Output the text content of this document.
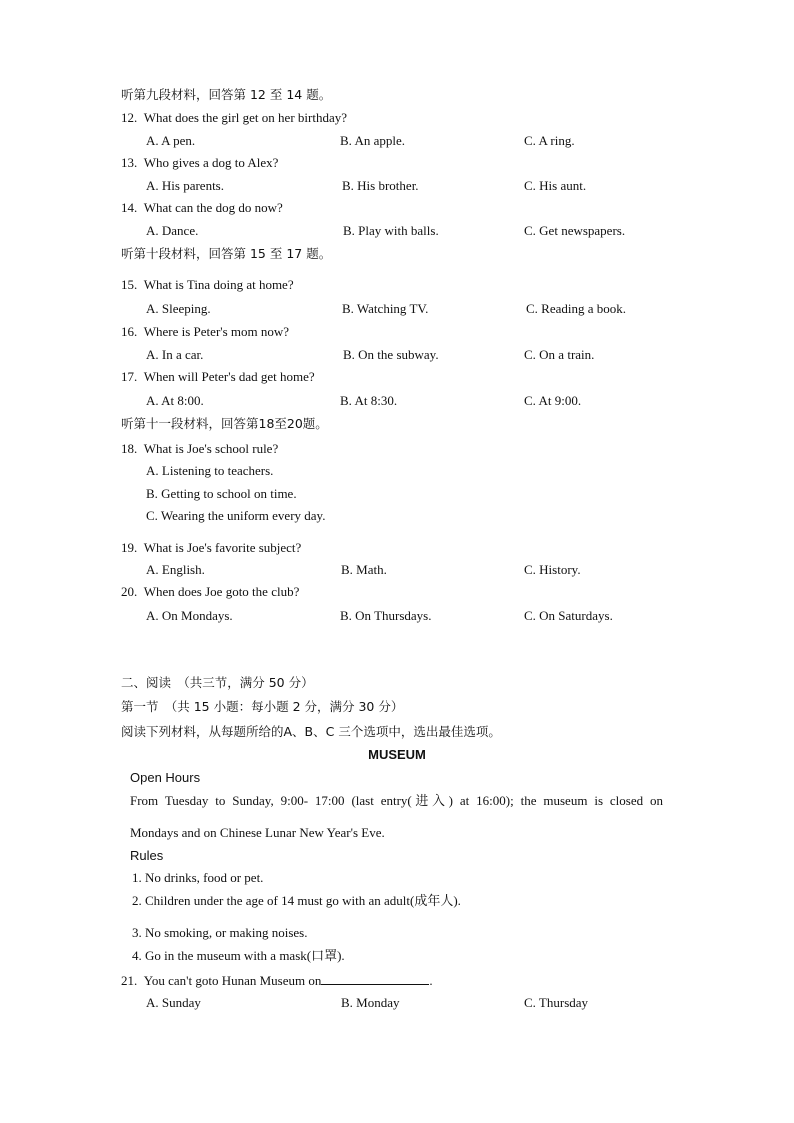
听第九段材料，回答第 12 至 14 题。
12. What does the girl get on her birthday?
A. A pen.	B. An apple.	C. A ring.
13. Who gives a dog to Alex?
A. His parents.	B. His brother.	C. His aunt.
14. What can the dog do now?
A. Dance.	B. Play with balls.	C. Get newspapers.
听第十段材料，回答第 15 至 17 题。
15. What is Tina doing at home?
A. Sleeping.	B. Watching TV.	C. Reading a book.
16. Where is Peter's mom now?
A. In a car.	B. On the subway.	C. On a train.
17. When will Peter's dad get home?
A. At 8:00.	B. At 8:30.	C. At 9:00.
听第十一段材料，回答第18至20题。
18. What is Joe's school rule?
A. Listening to teachers.
B. Getting to school on time.
C. Wearing the uniform every day.
19. What is Joe's favorite subject?
A. English.	B. Math.	C. History.
20. When does Joe goto the club?
A. On Mondays.	B. On Thursdays.	C. On Saturdays.
二、阅读　（共三节，满分 50 分）
第一节　（共 15 小题：每小题 2 分，满分 30 分）
阅读下列材料，从每题所给的A、B、C 三个选项中，选出最佳选项。
MUSEUM
Open Hours
From Tuesday to Sunday, 9:00- 17:00 (last entry(进入) at 16:00); the museum is closed on
Mondays and on Chinese Lunar New Year's Eve.
Rules
1. No drinks, food or pet.
2. Children under the age of 14 must go with an adult(成年人).
3. No smoking, or making noises.
4. Go in the museum with a mask(口罩).
21. You can't goto Hunan Museum on	.
A. Sunday	B. Monday	C. Thursday
